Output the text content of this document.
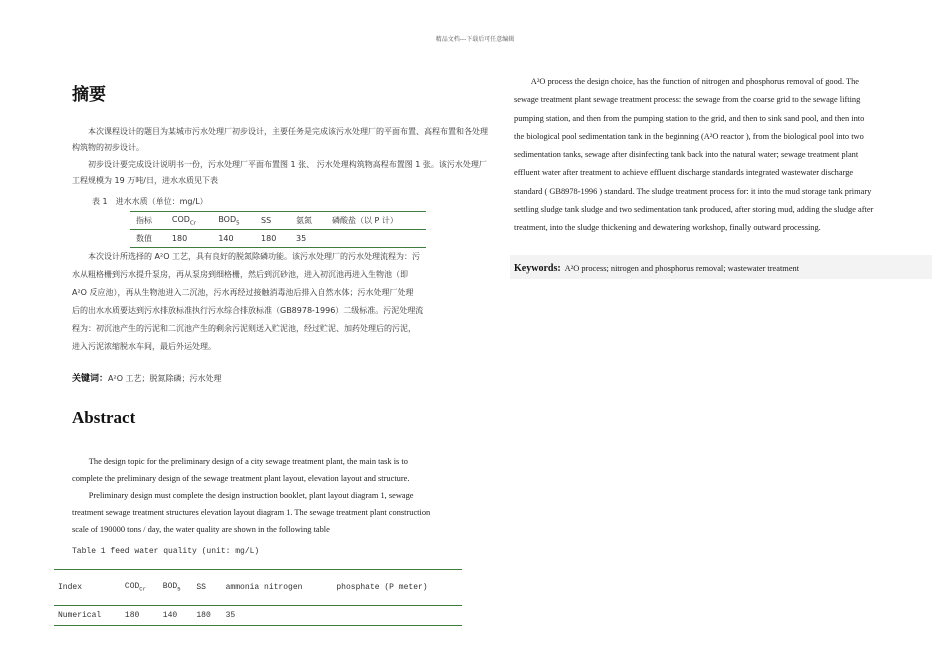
精品文档---下载后可任意编辑
摘要
本次课程设计的题目为某城市污水处理厂初步设计，主要任务是完成该污水处理厂的平面布置、高程布置和各处理构筑物的初步设计。
初步设计要完成设计说明书一份，污水处理厂平面布置图 1 张、 污水处理构筑物高程布置图 1 张。该污水处理厂工程规模为 19 万吨/日，进水水质见下表
表 1　进水水质（单位：mg/L）
指标	$COD_{Cr}$	$BOD_5$	SS	氨氮	磷酸盐（以 P 计）
数值	180	140	180	35	
本次设计所选择的 A²O 工艺，具有良好的脱氮除磷功能。该污水处理厂的污水处理流程为：污
水从粗格栅到污水提升泵房，再从泵房到细格栅，然后到沉砂池，进入初沉池再进入生物池（即
A²O 反应池），再从生物池进入二沉池，污水再经过接触消毒池后排入自然水体；污水处理厂处理
后的出水水质要达到污水排放标准执行污水综合排放标准（GB8978-1996）二级标准。污泥处理流
程为：初沉池产生的污泥和二沉池产生的剩余污泥则送入贮泥池，经过贮泥、加药处理后的污泥，
进入污泥浓缩脱水车间，最后外运处理。
关键词：A²O 工艺；脱氮除磷；污水处理
Abstract
The design topic for the preliminary design of a city sewage treatment plant, the main task is to
complete the preliminary design of the sewage treatment plant layout, elevation layout and structure.
Preliminary design must complete the design instruction booklet, plant layout diagram 1, sewage
treatment sewage treatment structures elevation layout diagram 1. The sewage treatment plant construction
scale of 190000 tons / day, the water quality are shown in the following table
Table 1 feed water quality (unit: mg/L)
Index	$COD_{Cr}$	$BOD_5$	SS	ammonia nitrogen	phosphate (P meter)
Numerical	180	140	180	35	
A²O process the design choice, has the function of nitrogen and phosphorus removal of good. The
sewage treatment plant sewage treatment process: the sewage from the coarse grid to the sewage lifting
pumping station, and then from the pumping station to the grid, and then to sink sand pool, and then into
the biological pool sedimentation tank in the beginning (A²O reactor ), from the biological pool into two
sedimentation tanks, sewage after disinfecting tank back into the natural water; sewage treatment plant
effluent water after treatment to achieve effluent discharge standards integrated wastewater discharge
standard ( GB8978-1996 ) standard. The sludge treatment process for: it into the mud storage tank primary
settling sludge tank sludge and two sedimentation tank produced, after storing mud, adding the sludge after
treatment, into the sludge thickening and dewatering workshop, finally outward processing.
Keywords: A²O process; nitrogen and phosphorus removal; wastewater treatment
